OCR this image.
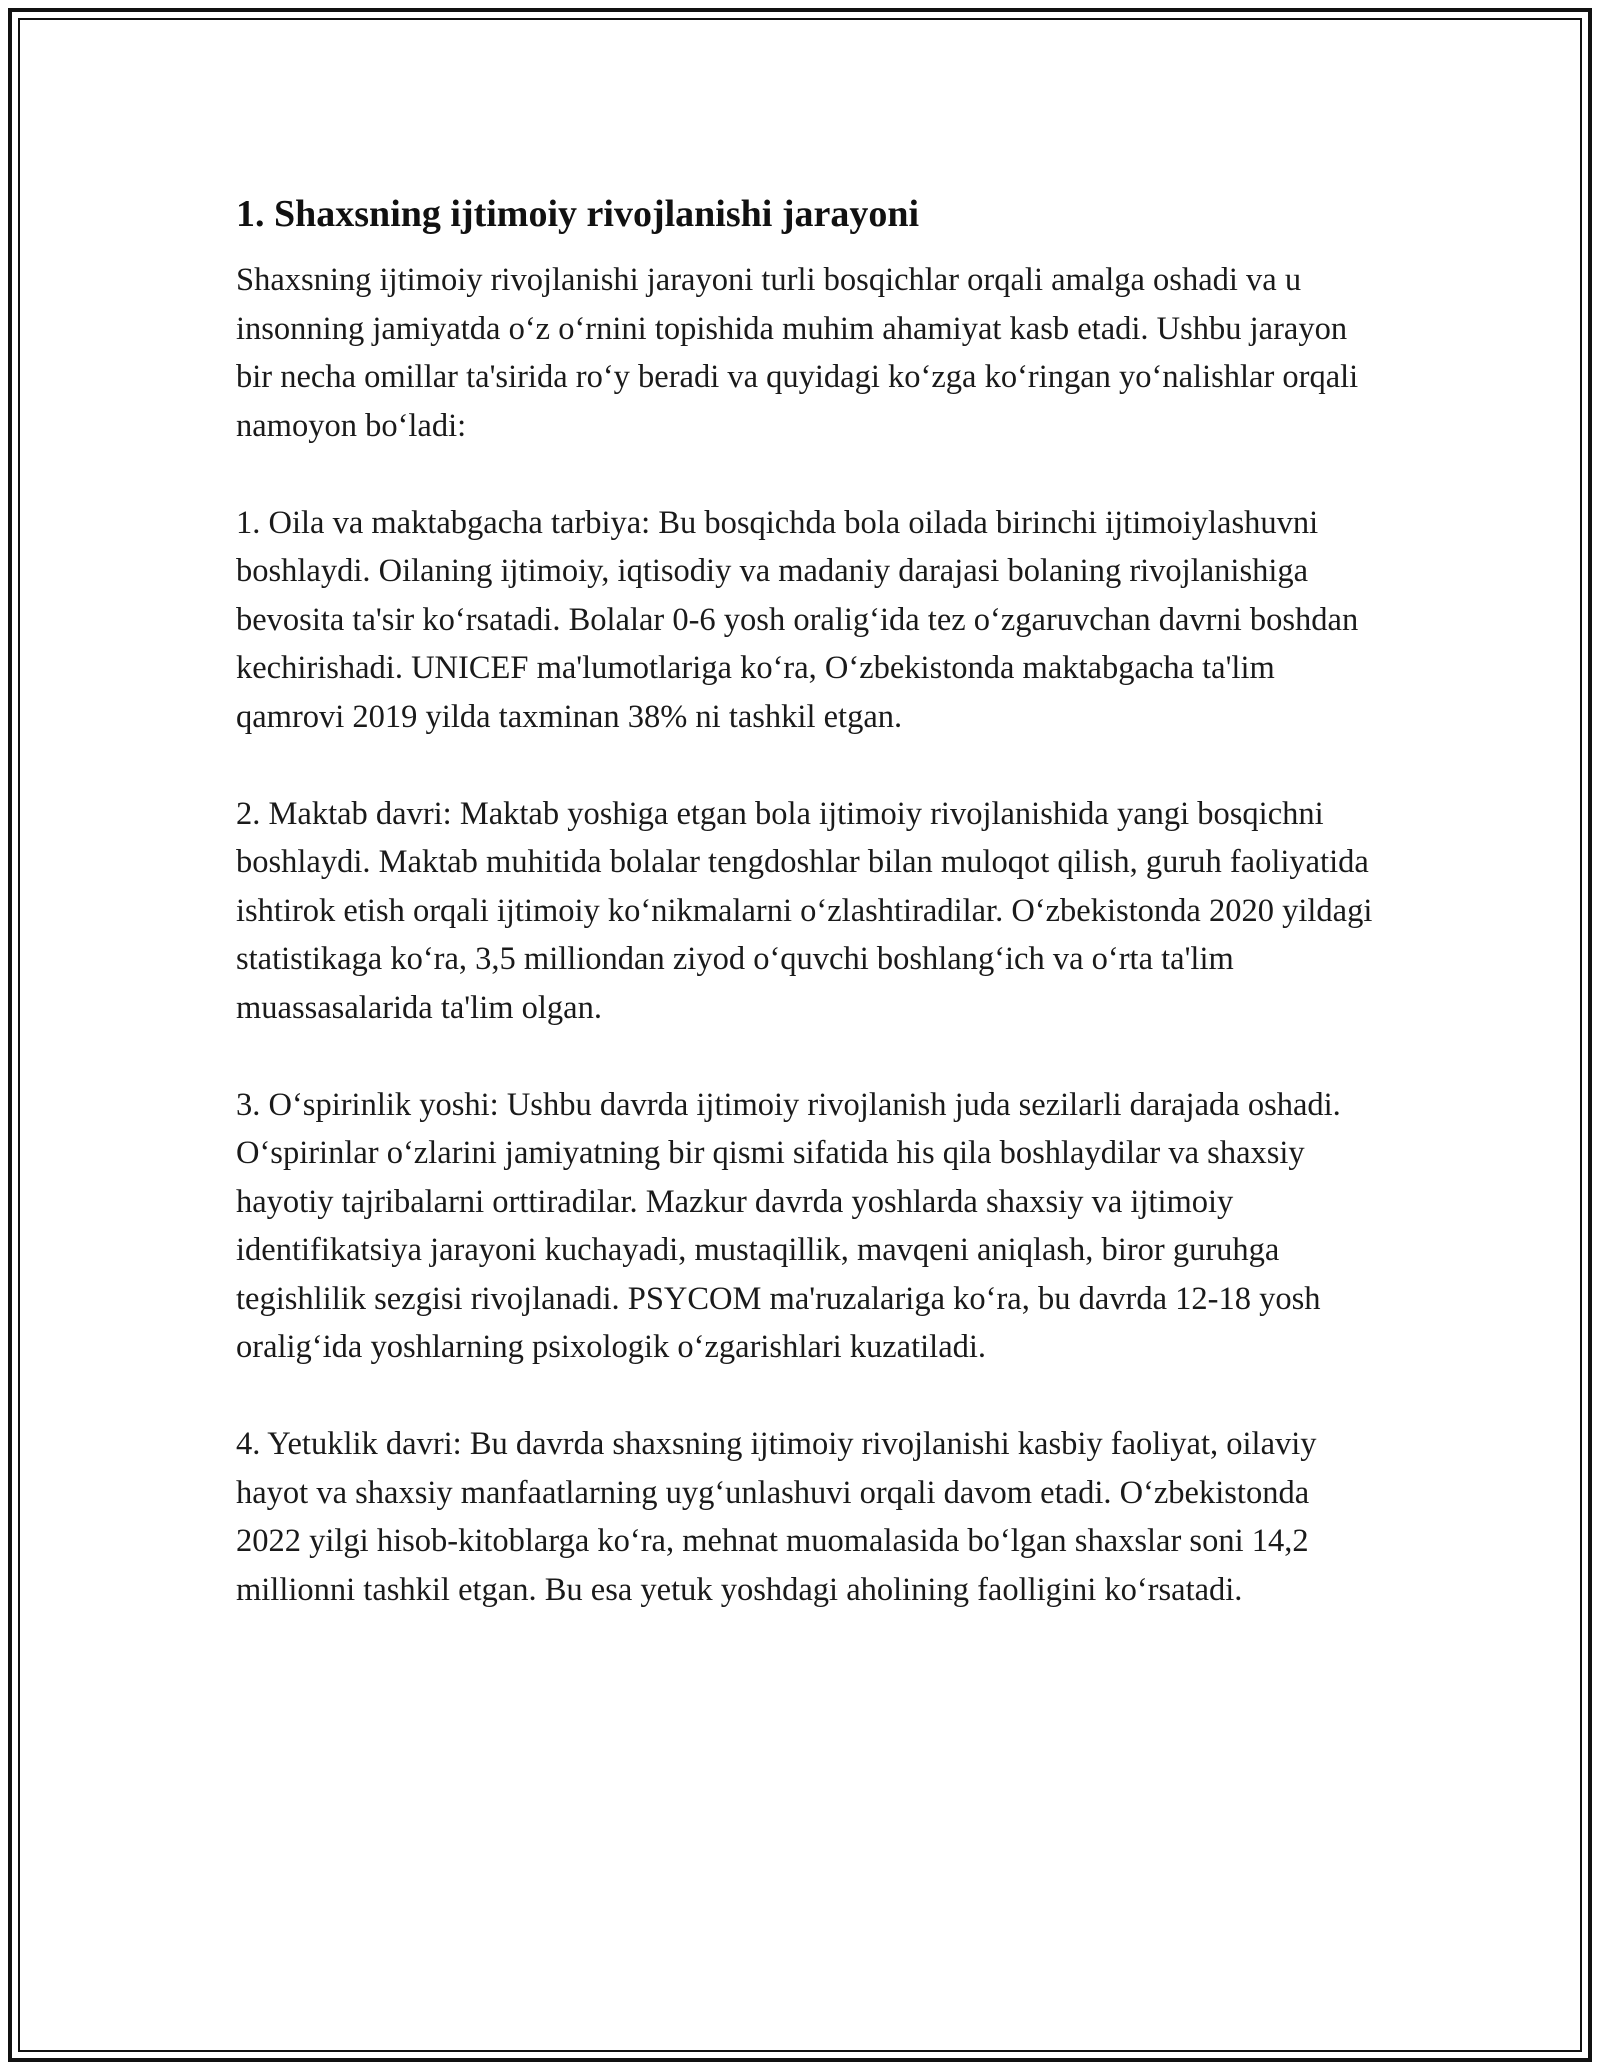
1. Shaxsning ijtimoiy rivojlanishi jarayoni

Shaxsning ijtimoiy rivojlanishi jarayoni turli bosqichlar orqali amalga oshadi va u insonning jamiyatda o‘z o‘rnini topishida muhim ahamiyat kasb etadi. Ushbu jarayon bir necha omillar ta'sirida ro‘y beradi va quyidagi ko‘zga ko‘ringan yo‘nalishlar orqali namoyon bo‘ladi:

1. Oila va maktabgacha tarbiya: Bu bosqichda bola oilada birinchi ijtimoiylashuvni boshlaydi. Oilaning ijtimoiy, iqtisodiy va madaniy darajasi bolaning rivojlanishiga bevosita ta'sir ko‘rsatadi. Bolalar 0-6 yosh oralig‘ida tez o‘zgaruvchan davrni boshdan kechirishadi. UNICEF ma'lumotlariga ko‘ra, O‘zbekistonda maktabgacha ta'lim qamrovi 2019 yilda taxminan 38% ni tashkil etgan.

2. Maktab davri: Maktab yoshiga etgan bola ijtimoiy rivojlanishida yangi bosqichni boshlaydi. Maktab muhitida bolalar tengdoshlar bilan muloqot qilish, guruh faoliyatida ishtirok etish orqali ijtimoiy ko‘nikmalarni o‘zlashtiradilar. O‘zbekistonda 2020 yildagi statistikaga ko‘ra, 3,5 milliondan ziyod o‘quvchi boshlang‘ich va o‘rta ta'lim muassasalarida ta'lim olgan.

3. O‘spirinlik yoshi: Ushbu davrda ijtimoiy rivojlanish juda sezilarli darajada oshadi. O‘spirinlar o‘zlarini jamiyatning bir qismi sifatida his qila boshlaydilar va shaxsiy hayotiy tajribalarni orttiradilar. Mazkur davrda yoshlarda shaxsiy va ijtimoiy identifikatsiya jarayoni kuchayadi, mustaqillik, mavqeni aniqlash, biror guruhga tegishlilik sezgisi rivojlanadi. PSYCOM ma'ruzalariga ko‘ra, bu davrda 12-18 yosh oralig‘ida yoshlarning psixologik o‘zgarishlari kuzatiladi.

4. Yetuklik davri: Bu davrda shaxsning ijtimoiy rivojlanishi kasbiy faoliyat, oilaviy hayot va shaxsiy manfaatlarning uyg‘unlashuvi orqali davom etadi. O‘zbekistonda 2022 yilgi hisob-kitoblarga ko‘ra, mehnat muomalasida bo‘lgan shaxslar soni 14,2 millionni tashkil etgan. Bu esa yetuk yoshdagi aholining faolligini ko‘rsatadi.
